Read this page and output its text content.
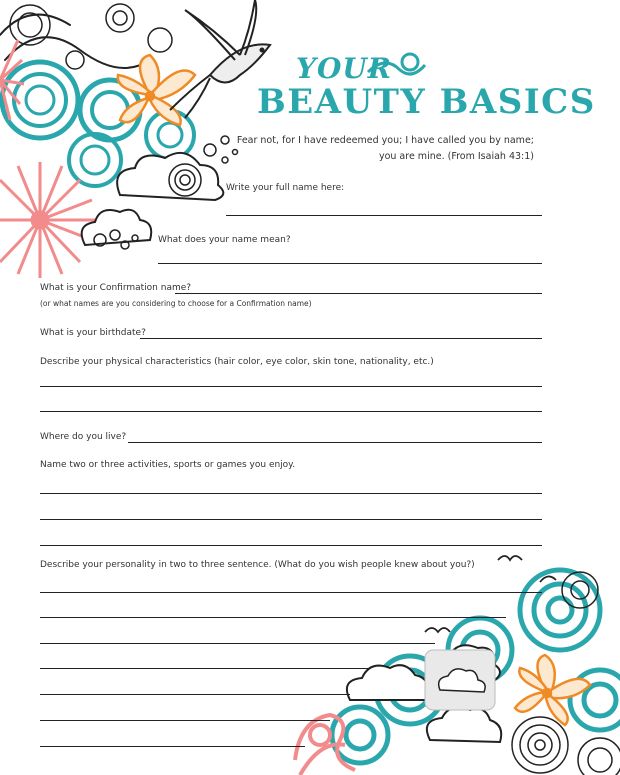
YOUR
BEAUTY BASICS
Fear not, for I have redeemed you; I have called you by name;
you are mine. (From Isaiah 43:1)
Write your full name here:
What does your name mean?
What is your Confirmation name?
(or what names are you considering to choose for a Confirmation name)
What is your birthdate?
Describe your physical characteristics (hair color, eye color, skin tone, nationality, etc.)
Where do you live?
Name two or three activities, sports or games you enjoy.
Describe your personality in two to three sentence. (What do you wish people knew about you?)
